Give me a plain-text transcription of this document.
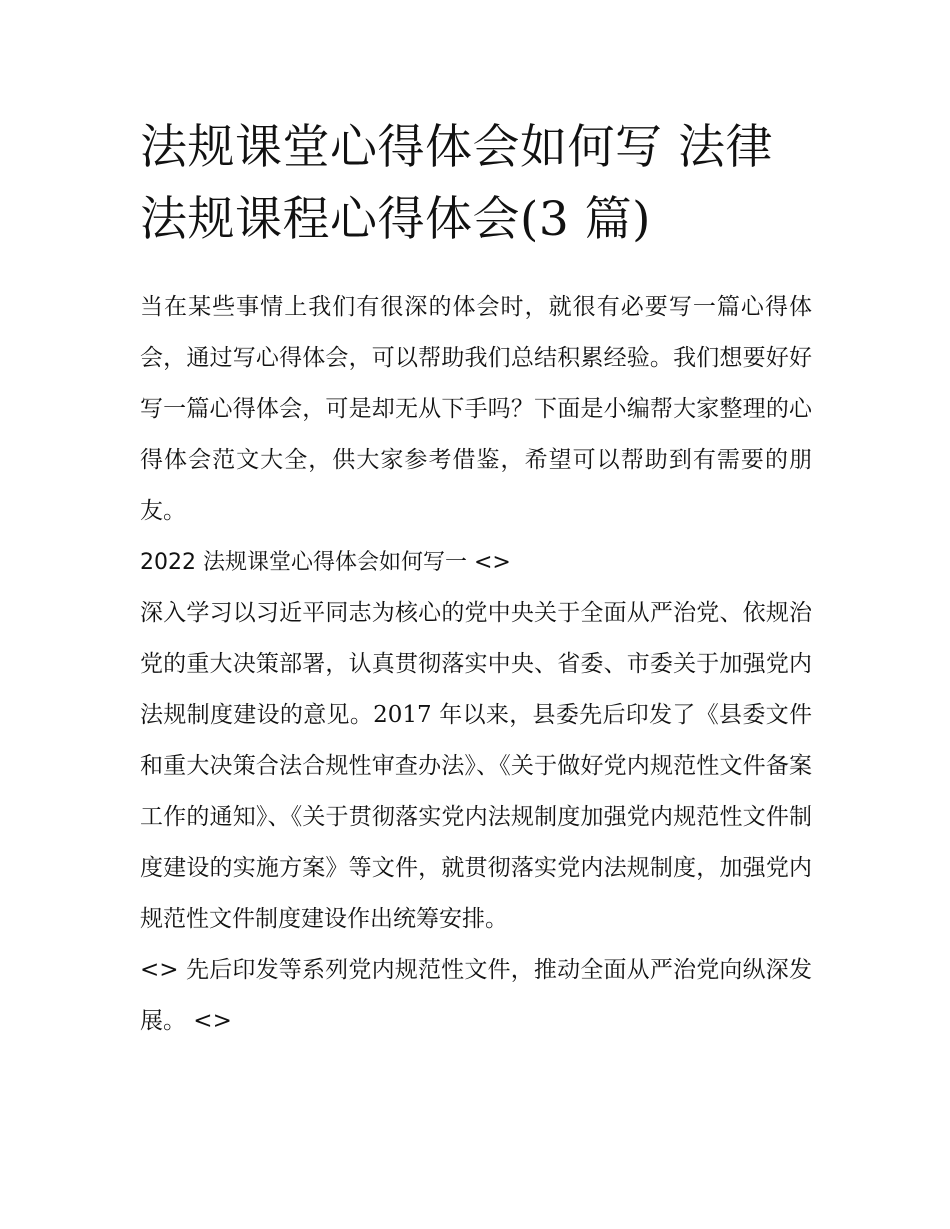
法规课堂心得体会如何写 法律法规课程心得体会(3 篇)

当在某些事情上我们有很深的体会时，就很有必要写一篇心得体会，通过写心得体会，可以帮助我们总结积累经验。我们想要好好写一篇心得体会，可是却无从下手吗？下面是小编帮大家整理的心得体会范文大全，供大家参考借鉴，希望可以帮助到有需要的朋友。

2022 法规课堂心得体会如何写一 <>

深入学习以习近平同志为核心的党中央关于全面从严治党、依规治党的重大决策部署，认真贯彻落实中央、省委、市委关于加强党内法规制度建设的意见。2017 年以来，县委先后印发了《县委文件和重大决策合法合规性审查办法》、《关于做好党内规范性文件备案工作的通知》、《关于贯彻落实党内法规制度加强党内规范性文件制度建设的实施方案》等文件，就贯彻落实党内法规制度，加强党内规范性文件制度建设作出统筹安排。

<> 先后印发等系列党内规范性文件，推动全面从严治党向纵深发展。 <>
